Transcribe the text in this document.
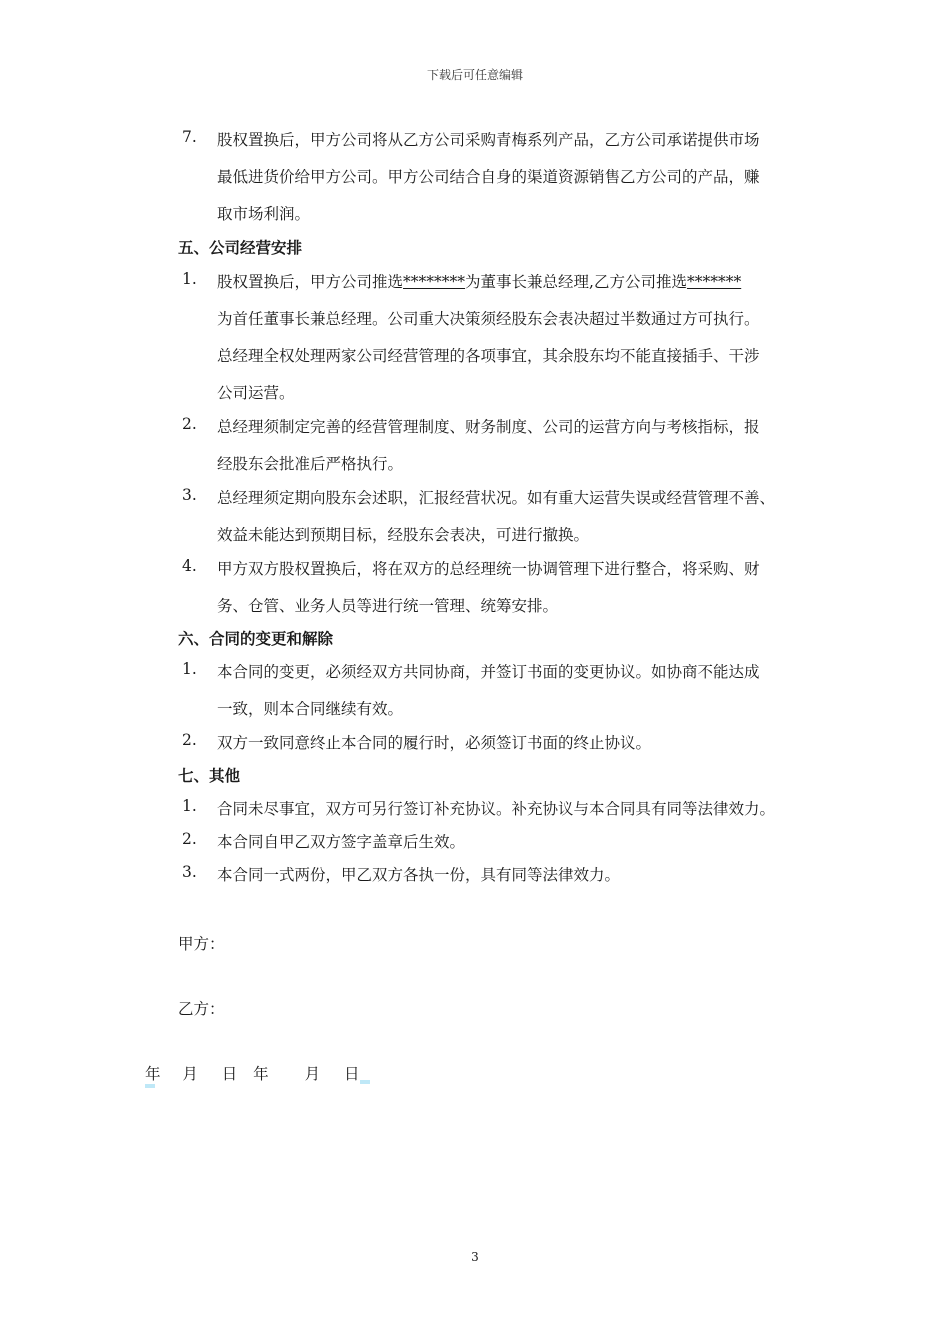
下载后可任意编辑
7.	股权置换后，甲方公司将从乙方公司采购青梅系列产品，乙方公司承诺提供市场
最低进货价给甲方公司。甲方公司结合自身的渠道资源销售乙方公司的产品，赚
取市场利润。
五、公司经营安排
1.	股权置换后，甲方公司推选********为董事长兼总经理,乙方公司推选*******
为首任董事长兼总经理。公司重大决策须经股东会表决超过半数通过方可执行。
总经理全权处理两家公司经营管理的各项事宜，其余股东均不能直接插手、干涉
公司运营。
2.	总经理须制定完善的经营管理制度、财务制度、公司的运营方向与考核指标，报
经股东会批准后严格执行。
3.	总经理须定期向股东会述职，汇报经营状况。如有重大运营失误或经营管理不善、
效益未能达到预期目标，经股东会表决，可进行撤换。
4.	甲方双方股权置换后，将在双方的总经理统一协调管理下进行整合，将采购、财
务、仓管、业务人员等进行统一管理、统筹安排。
六、合同的变更和解除
1.	本合同的变更，必须经双方共同协商，并签订书面的变更协议。如协商不能达成
一致，则本合同继续有效。
2.	双方一致同意终止本合同的履行时，必须签订书面的终止协议。
七、其他
1.	合同未尽事宜，双方可另行签订补充协议。补充协议与本合同具有同等法律效力。
2.	本合同自甲乙双方签字盖章后生效。
3.	本合同一式两份，甲乙双方各执一份，具有同等法律效力。
甲方：
乙方：
年 月 日 年 月 日
3
